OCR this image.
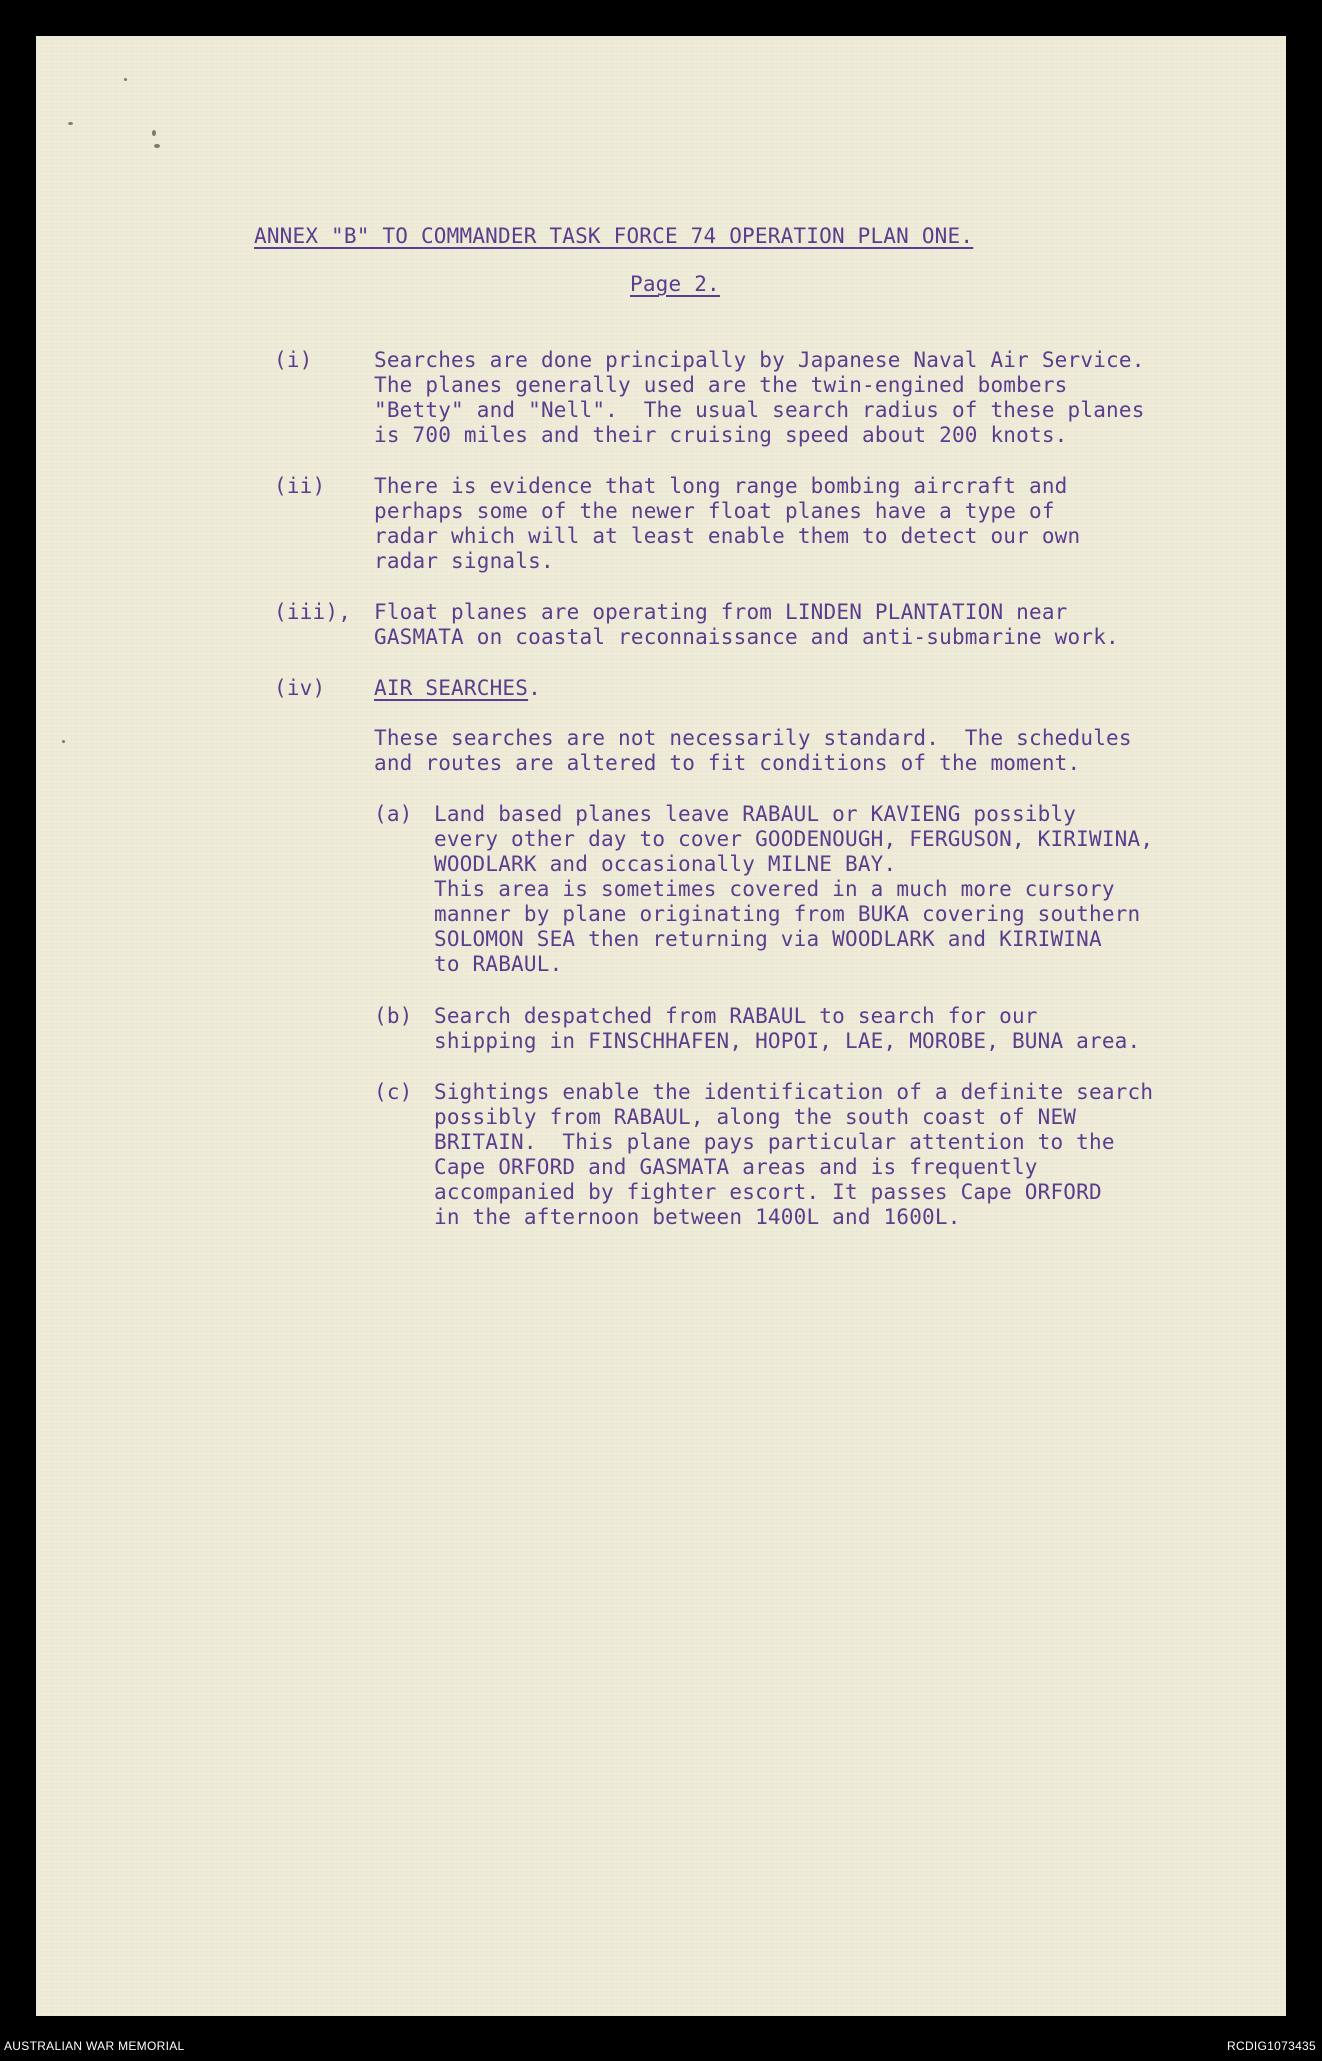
ANNEX "B" TO COMMANDER TASK FORCE 74 OPERATION PLAN ONE.
Page 2.
(i)	Searches are done principally by Japanese Naval Air Service.
The planes generally used are the twin-engined bombers
"Betty" and "Nell".  The usual search radius of these planes
is 700 miles and their cruising speed about 200 knots.
(ii) There is evidence that long range bombing aircraft and
perhaps some of the newer float planes have a type of
radar which will at least enable them to detect our own
radar signals.
(iii), Float planes are operating from LINDEN PLANTATION near
GASMATA on coastal reconnaissance and anti-submarine work.
(iv) AIR SEARCHES.
These searches are not necessarily standard.  The schedules
and routes are altered to fit conditions of the moment.
(a) Land based planes leave RABAUL or KAVIENG possibly
every other day to cover GOODENOUGH, FERGUSON, KIRIWINA,
WOODLARK and occasionally MILNE BAY.
This area is sometimes covered in a much more cursory
manner by plane originating from BUKA covering southern
SOLOMON SEA then returning via WOODLARK and KIRIWINA
to RABAUL.
(b) Search despatched from RABAUL to search for our
shipping in FINSCHHAFEN, HOPOI, LAE, MOROBE, BUNA area.
(c) Sightings enable the identification of a definite search
possibly from RABAUL, along the south coast of NEW
BRITAIN.  This plane pays particular attention to the
Cape ORFORD and GASMATA areas and is frequently
accompanied by fighter escort. It passes Cape ORFORD
in the afternoon between 1400L and 1600L.
AUSTRALIAN WAR MEMORIAL	RCDIG1073435
